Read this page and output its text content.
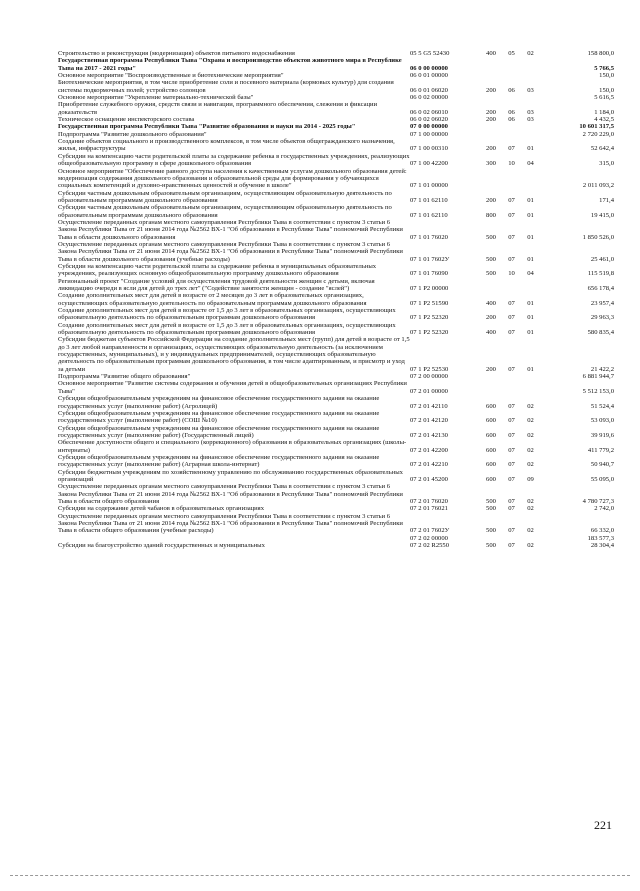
Строительство и реконструкция (модернизация) объектов питьевого водоснабжения	05 5 G5 52430	400	05	02	158 800,0
Государственная программа Республики Тыва "Охрана и воспроизводство объектов животного мира в Республике Тыва на 2017 - 2021 годы"	06 0 00 00000				5 766,5
Основное мероприятие "Воспроизводственные и биотехнические мероприятия"	06 0 01 00000				150,0
Биотехнические мероприятия, в том числе приобретение соли и посевного материала (кормовых культур) для создания системы подкормочных полей; устройство солонцов	06 0 01 06020	200	06	03	150,0
Основное мероприятие "Укрепление материально-технической базы"	06 0 02 00000				5 616,5
Приобретение служебного оружия, средств связи и навигации, программного обеспечения, слежения и фиксации доказательств	06 0 02 06010	200	06	03	1 184,0
Техническое оснащение инспекторского состава	06 0 02 06020	200	06	03	4 432,5
Государственная программа Республики Тыва "Развитие образования и науки на 2014 - 2025 годы"	07 0 00 00000				10 601 317,5
Подпрограмма "Развитие дошкольного образования"	07 1 00 00000				2 720 229,0
Создание объектов социального и производственного комплексов, в том числе объектов общегражданского назначения, жилья, инфраструктуры	07 1 00 00310	200	07	01	52 642,4
Субсидии на компенсацию части родительской платы за содержание ребенка в государственных учреждениях, реализующих общеобразовательную программу в сфере дошкольного образования	07 1 00 42200	300	10	04	315,0
Основное мероприятие "Обеспечение равного доступа населения к качественным услугам дошкольного образования детей: модернизация содержания дошкольного образования и образовательной среды для формирования у обучающихся социальных компетенций и духовно-нравственных ценностей и обучение в школе"	07 1 01 00000				2 011 093,2
Субсидии частным дошкольным образовательным организациям, осуществляющим образовательную деятельность по образовательным программам дошкольного образования	07 1 01 62110	200	07	01	171,4
Субсидии частным дошкольным образовательным организациям, осуществляющим образовательную деятельность по образовательным программам дошкольного образования	07 1 01 62110	800	07	01	19 415,0
Осуществление переданных органам местного самоуправления Республики Тыва в соответствии с пунктом 3 статьи 6 Закона Республики Тыва от 21 июня 2014 года №2562 ВХ-1 "Об образовании в Республике Тыва" полномочий Республики Тыва в области дошкольного образования	07 1 01 76020	500	07	01	1 850 526,0
Осуществление переданных органам местного самоуправления Республики Тыва в соответствии с пунктом 3 статьи 6 Закона Республики Тыва от 21 июня 2014 года №2562 ВХ-1 "Об образовании в Республике Тыва" полномочий Республики Тыва в области дошкольного образования (учебные расходы)	07 1 01 7602У	500	07	01	25 461,0
Субсидии на компенсацию части родительской платы за содержание ребенка в муниципальных образовательных учреждениях, реализующих основную общеобразовательную программу дошкольного образования	07 1 01 76090	500	10	04	115 519,8
Региональный проект "Создание условий для осуществления трудовой деятельности женщин с детьми, включая ликвидацию очереди в ясли для детей до трех лет" ("Содействие занятости женщин - создание "яслей")	07 1 P2 00000				656 178,4
Создание дополнительных мест для детей в возрасте от 2 месяцев до 3 лет в образовательных организациях, осуществляющих образовательную деятельность по образовательным программам дошкольного образования	07 1 P2 51590	400	07	01	23 957,4
Создание дополнительных мест для детей в возрасте от 1,5 до 3 лет в образовательных организациях, осуществляющих образовательную деятельность по образовательным программам дошкольного образования	07 1 P2 52320	200	07	01	29 963,3
Создание дополнительных мест для детей в возрасте от 1,5 до 3 лет в образовательных организациях, осуществляющих образовательную деятельность по образовательным программам дошкольного образования	07 1 P2 52320	400	07	01	580 835,4
Субсидии бюджетам субъектов Российской Федерации на создание дополнительных мест (групп) для детей в возрасте от 1,5 до 3 лет любой направленности в организациях, осуществляющих образовательную деятельность (за исключением государственных, муниципальных), и у индивидуальных предпринимателей, осуществляющих образовательную деятельность по образовательным программам дошкольного образования, в том числе адаптированным, и присмотр и уход за детьми	07 1 P2 52530	200	07	01	21 422,2
Подпрограмма "Развитие общего образования"	07 2 00 00000				6 881 944,7
Основное мероприятие "Развитие системы содержания и обучения детей в общеобразовательных организациях Республики Тыва"	07 2 01 00000				5 512 153,0
Субсидии общеобразовательным учреждениям на финансовое обеспечение государственного задания на оказание государственных услуг (выполнение работ) (Агролицей)	07 2 01 42110	600	07	02	51 524,4
Субсидии общеобразовательным учреждениям на финансовое обеспечение государственного задания на оказание государственных услуг (выполнение работ) (СОШ №10)	07 2 01 42120	600	07	02	53 093,0
Субсидии общеобразовательным учреждениям на финансовое обеспечение государственного задания на оказание государственных услуг (выполнение работ) (Государственный лицей)	07 2 01 42130	600	07	02	39 919,6
Обеспечение доступности общего и специального (коррекционного) образования в образовательных организациях (школы-интернаты)	07 2 01 42200	600	07	02	411 779,2
Субсидии общеобразовательным учреждениям на финансовое обеспечение государственного задания на оказание государственных услуг (выполнение работ) (Аграрная школа-интернат)	07 2 01 42210	600	07	02	50 940,7
Субсидии бюджетным учреждениям по хозяйственному управлению по обслуживанию государственных образовательных организаций	07 2 01 45200	600	07	09	55 095,0
Осуществление переданных органам местного самоуправления Республики Тыва в соответствии с пунктом 3 статьи 6 Закона Республики Тыва от 21 июня 2014 года №2562 ВХ-1 "Об образовании в Республике Тыва" полномочий Республики Тыва в области общего образования	07 2 01 76020	500	07	02	4 780 727,3
Субсидии на содержание детей чабанов в образовательных организациях	07 2 01 76021	500	07	02	2 742,0
Осуществление переданных органам местного самоуправления Республики Тыва в соответствии с пунктом 3 статьи 6 Закона Республики Тыва от 21 июня 2014 года №2562 ВХ-1 "Об образовании в Республике Тыва" полномочий Республики Тыва в области общего образования (учебные расходы)	07 2 01 7602У	500	07	02	66 332,0
	07 2 02 00000				183 577,3
Субсидии на благоустройство зданий государственных и муниципальных	07 2 02 R2550	500	07	02	28 304,4
221
